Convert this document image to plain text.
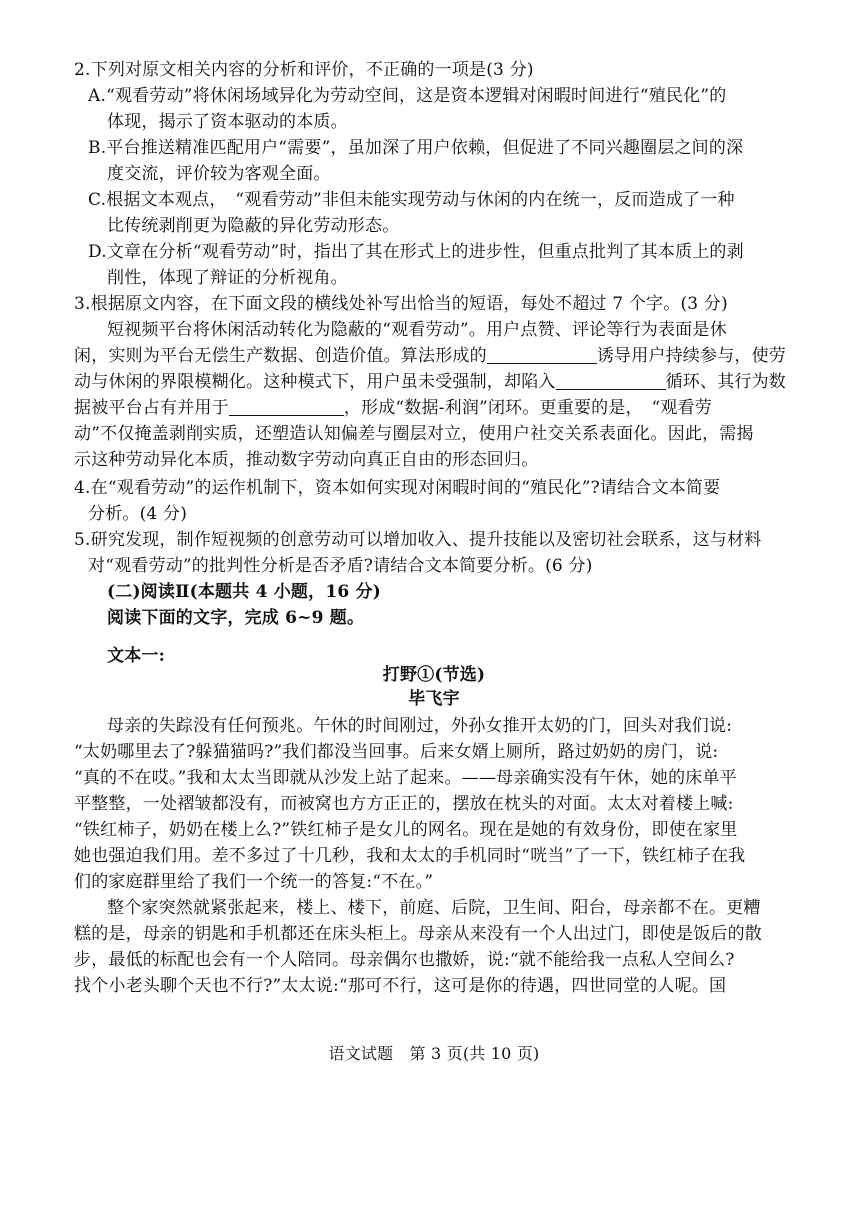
2.下列对原文相关内容的分析和评价，不正确的一项是(3 分)
A.“观看劳动”将休闲场域异化为劳动空间，这是资本逻辑对闲暇时间进行“殖民化”的
体现，揭示了资本驱动的本质。
B.平台推送精准匹配用户“需要”，虽加深了用户依赖，但促进了不同兴趣圈层之间的深
度交流，评价较为客观全面。
C.根据文本观点，　“观看劳动”非但未能实现劳动与休闲的内在统一，反而造成了一种
比传统剥削更为隐蔽的异化劳动形态。
D.文章在分析“观看劳动”时，指出了其在形式上的进步性，但重点批判了其本质上的剥
削性，体现了辩证的分析视角。
3.根据原文内容，在下面文段的横线处补写出恰当的短语，每处不超过 7 个字。(3 分)
短视频平台将休闲活动转化为隐蔽的“观看劳动”。用户点赞、评论等行为表面是休
闲，实则为平台无偿生产数据、创造价值。算法形成的	诱导用户持续参与，使劳
动与休闲的界限模糊化。这种模式下，用户虽未受强制，却陷入	循环、其行为数
据被平台占有并用于	，形成“数据-利润”闭环。更重要的是，　“观看劳
动”不仅掩盖剥削实质，还塑造认知偏差与圈层对立，使用户社交关系表面化。因此，需揭
示这种劳动异化本质，推动数字劳动向真正自由的形态回归。
4.在“观看劳动”的运作机制下，资本如何实现对闲暇时间的“殖民化”?请结合文本简要
分析。(4 分)
5.研究发现，制作短视频的创意劳动可以增加收入、提升技能以及密切社会联系，这与材料
对“观看劳动”的批判性分析是否矛盾?请结合文本简要分析。(6 分)
(二)阅读Ⅱ(本题共 4 小题，16 分)
阅读下面的文字，完成 6~9 题。
文本一:
打野①(节选)
毕飞宇
母亲的失踪没有任何预兆。午休的时间刚过，外孙女推开太奶的门，回头对我们说:
“太奶哪里去了?躲猫猫吗?”我们都没当回事。后来女婿上厕所，路过奶奶的房门，说:
“真的不在哎。”我和太太当即就从沙发上站了起来。——母亲确实没有午休，她的床单平
平整整，一处褶皱都没有，而被窝也方方正正的，摆放在枕头的对面。太太对着楼上喊:
“铁红柿子，奶奶在楼上么?”铁红柿子是女儿的网名。现在是她的有效身份，即使在家里
她也强迫我们用。差不多过了十几秒，我和太太的手机同时“咣当”了一下，铁红柿子在我
们的家庭群里给了我们一个统一的答复:“不在。”
整个家突然就紧张起来，楼上、楼下，前庭、后院，卫生间、阳台，母亲都不在。更糟
糕的是，母亲的钥匙和手机都还在床头柜上。母亲从来没有一个人出过门，即使是饭后的散
步，最低的标配也会有一个人陪同。母亲偶尔也撒娇，说:“就不能给我一点私人空间么?
找个小老头聊个天也不行?”太太说:“那可不行，这可是你的待遇，四世同堂的人呢。国
语文试题　第 3 页(共 10 页)
